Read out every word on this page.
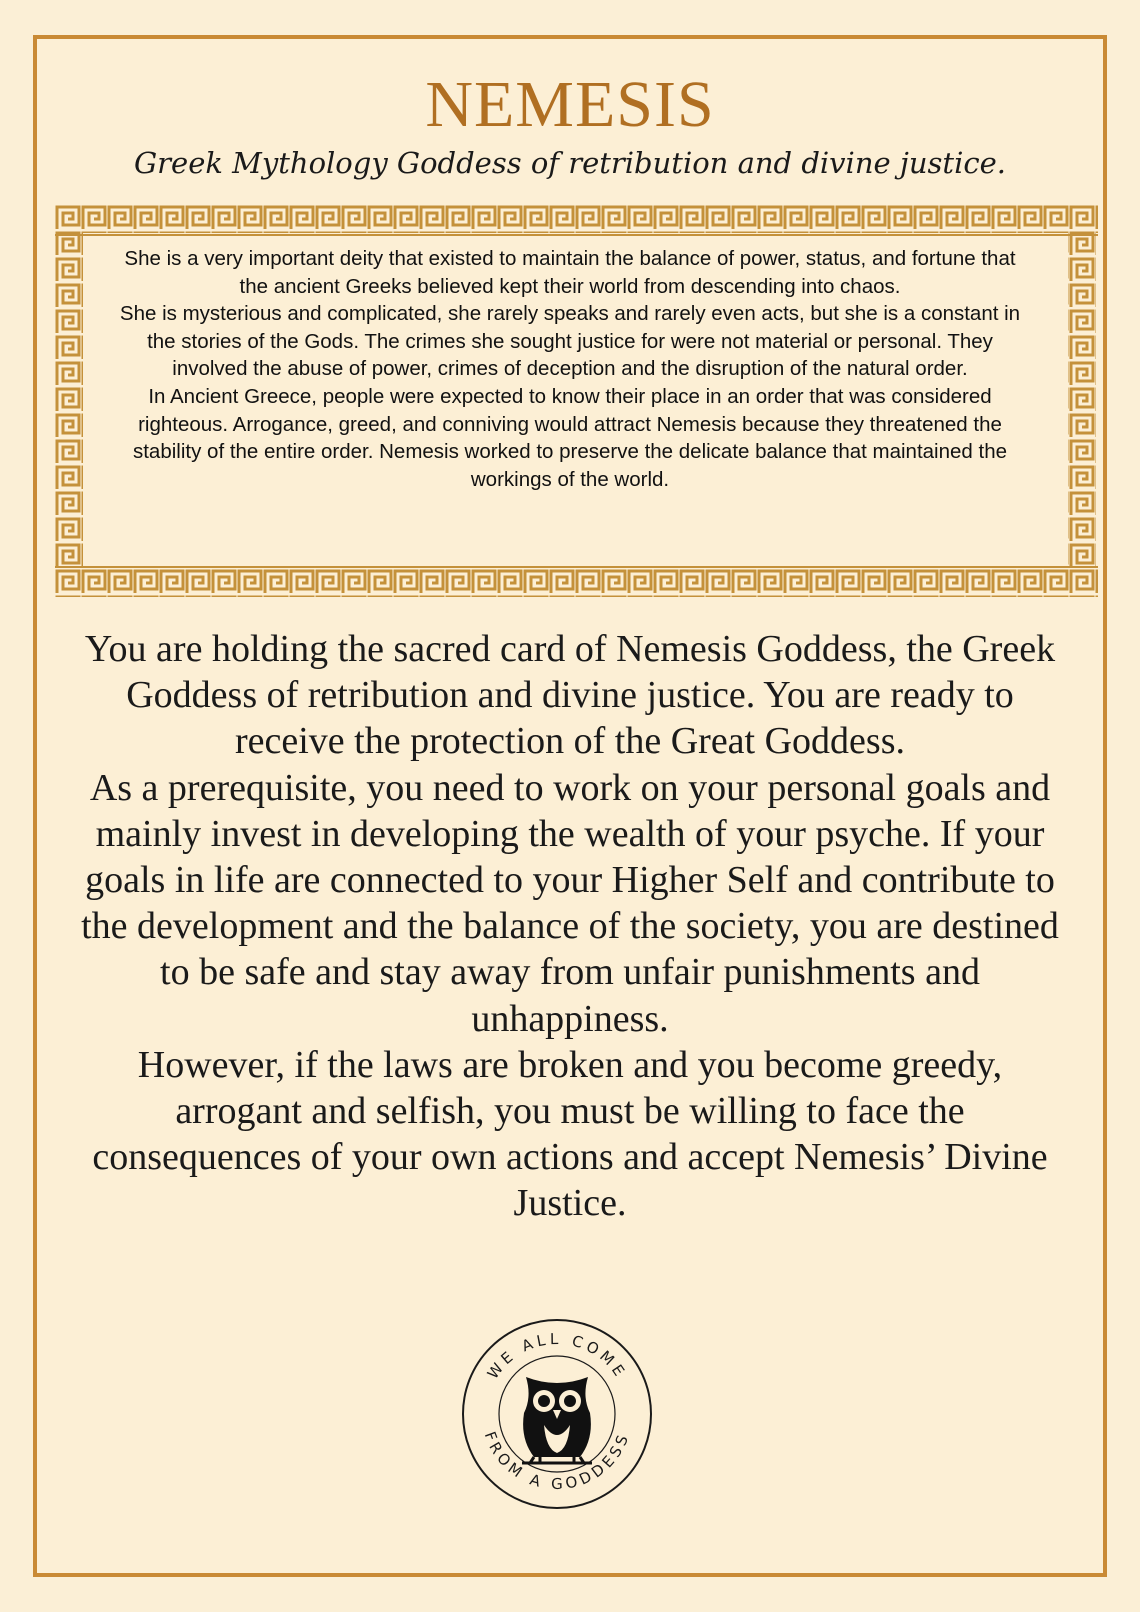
NEMESIS
Greek Mythology Goddess of retribution and divine justice.

She is a very important deity that existed to maintain the balance of power, status, and fortune that the ancient Greeks believed kept their world from descending into chaos.

She is mysterious and complicated, she rarely speaks and rarely even acts, but she is a constant in the stories of the Gods. The crimes she sought justice for were not material or personal. They involved the abuse of power, crimes of deception and the disruption of the natural order.

In Ancient Greece, people were expected to know their place in an order that was considered righteous. Arrogance, greed, and conniving would attract Nemesis because they threatened the stability of the entire order. Nemesis worked to preserve the delicate balance that maintained the workings of the world.

You are holding the sacred card of Nemesis Goddess, the Greek Goddess of retribution and divine justice. You are ready to receive the protection of the Great Goddess.

As a prerequisite, you need to work on your personal goals and mainly invest in developing the wealth of your psyche. If your goals in life are connected to your Higher Self and contribute to the development and the balance of the society, you are destined to be safe and stay away from unfair punishments and unhappiness.

However, if the laws are broken and you become greedy, arrogant and selfish, you must be willing to face the consequences of your own actions and accept Nemesis’ Divine Justice.

WE ALL COME
FROM A GODDESS
